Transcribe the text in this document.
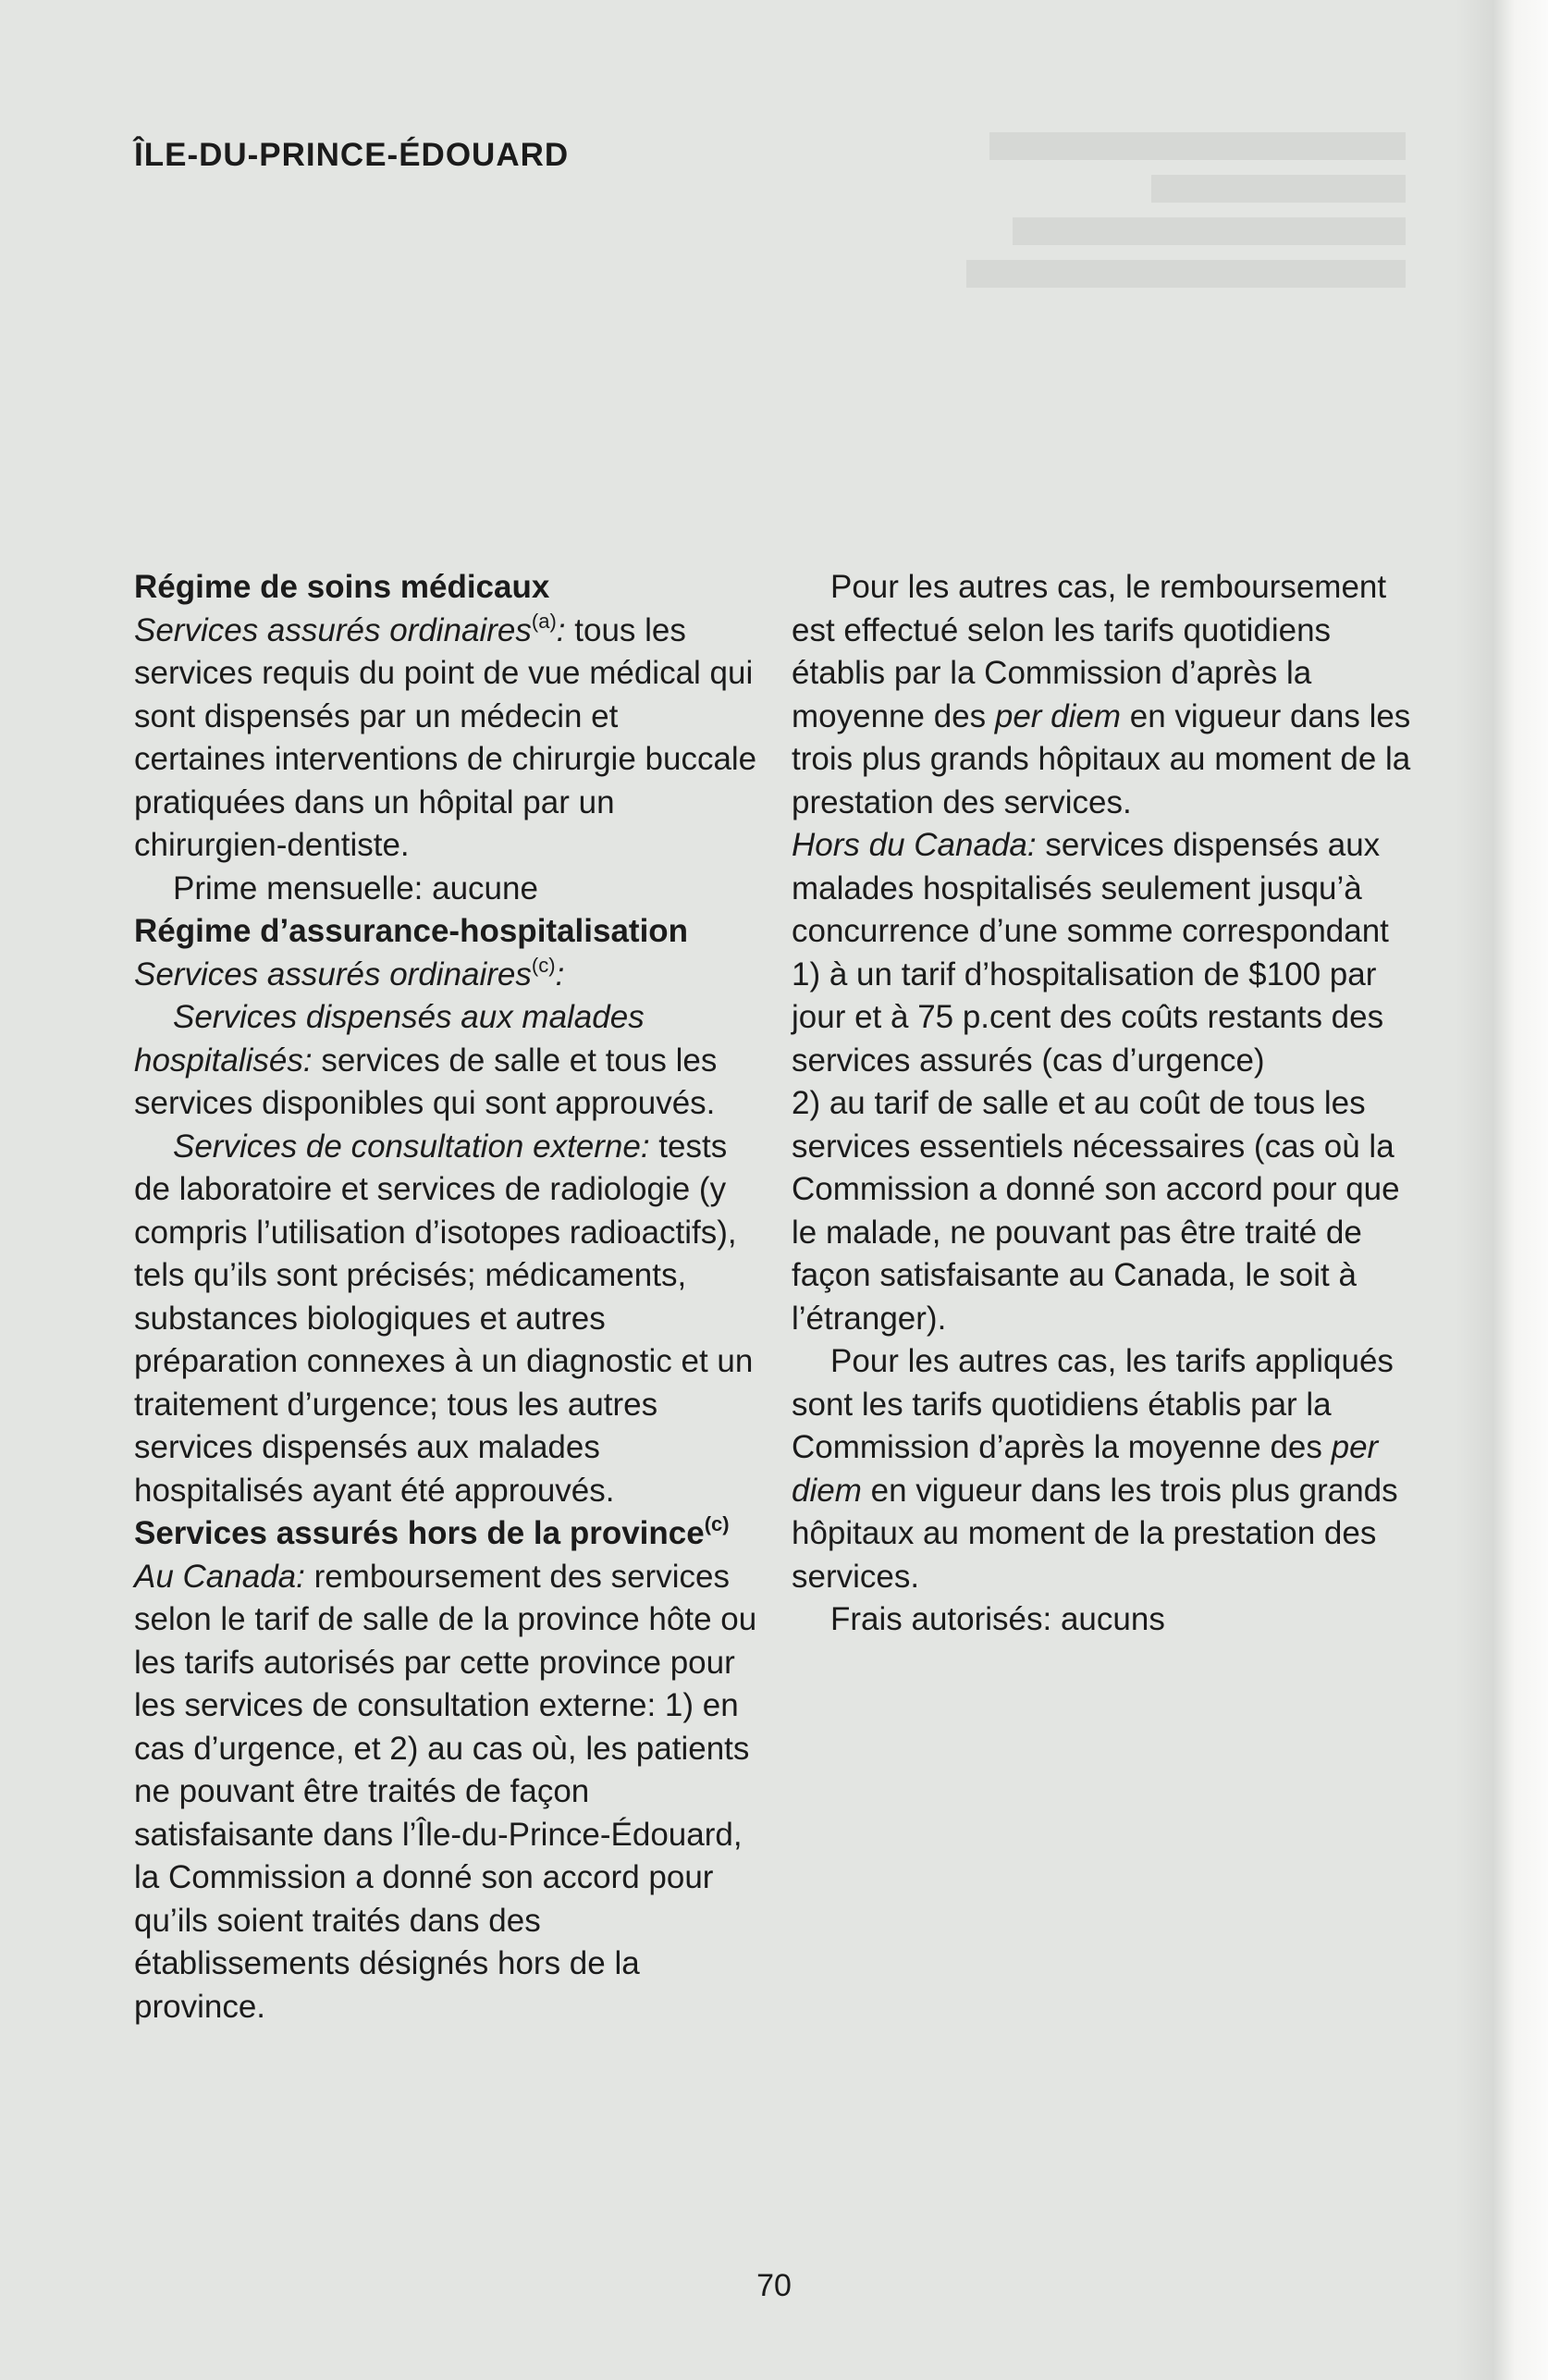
ÎLE-DU-PRINCE-ÉDOUARD

Régime de soins médicaux

Services assurés ordinaires$^{(a)}$: tous les services requis du point de vue médical qui sont dispensés par un médecin et certaines interventions de chirurgie buccale pratiquées dans un hôpital par un chirurgien-dentiste.

Prime mensuelle: aucune

Régime d’assurance-hospitalisation

Services assurés ordinaires$^{(c)}$:

Services dispensés aux malades hospitalisés: services de salle et tous les services disponibles qui sont approuvés.

Services de consultation externe: tests de laboratoire et services de radiologie (y compris l’utilisation d’isotopes radioactifs), tels qu’ils sont précisés; médicaments, substances biologiques et autres préparation connexes à un diagnostic et un traitement d’urgence; tous les autres services dispensés aux malades hospitalisés ayant été approuvés.

Services assurés hors de la province$^{(c)}$

Au Canada: remboursement des services selon le tarif de salle de la province hôte ou les tarifs autorisés par cette province pour les services de consultation externe: 1) en cas d’urgence, et 2) au cas où, les patients ne pouvant être traités de façon satisfaisante dans l’Île-du-Prince-Édouard, la Commission a donné son accord pour qu’ils soient traités dans des établissements désignés hors de la province.

Pour les autres cas, le remboursement est effectué selon les tarifs quotidiens établis par la Commission d’après la moyenne des per diem en vigueur dans les trois plus grands hôpitaux au moment de la prestation des services.

Hors du Canada: services dispensés aux malades hospitalisés seulement jusqu’à concurrence d’une somme correspondant

1) à un tarif d’hospitalisation de $100 par jour et à 75 p.cent des coûts restants des services assurés (cas d’urgence)

2) au tarif de salle et au coût de tous les services essentiels nécessaires (cas où la Commission a donné son accord pour que le malade, ne pouvant pas être traité de façon satisfaisante au Canada, le soit à l’étranger).

Pour les autres cas, les tarifs appliqués sont les tarifs quotidiens établis par la Commission d’après la moyenne des per diem en vigueur dans les trois plus grands hôpitaux au moment de la prestation des services.

Frais autorisés: aucuns

70
